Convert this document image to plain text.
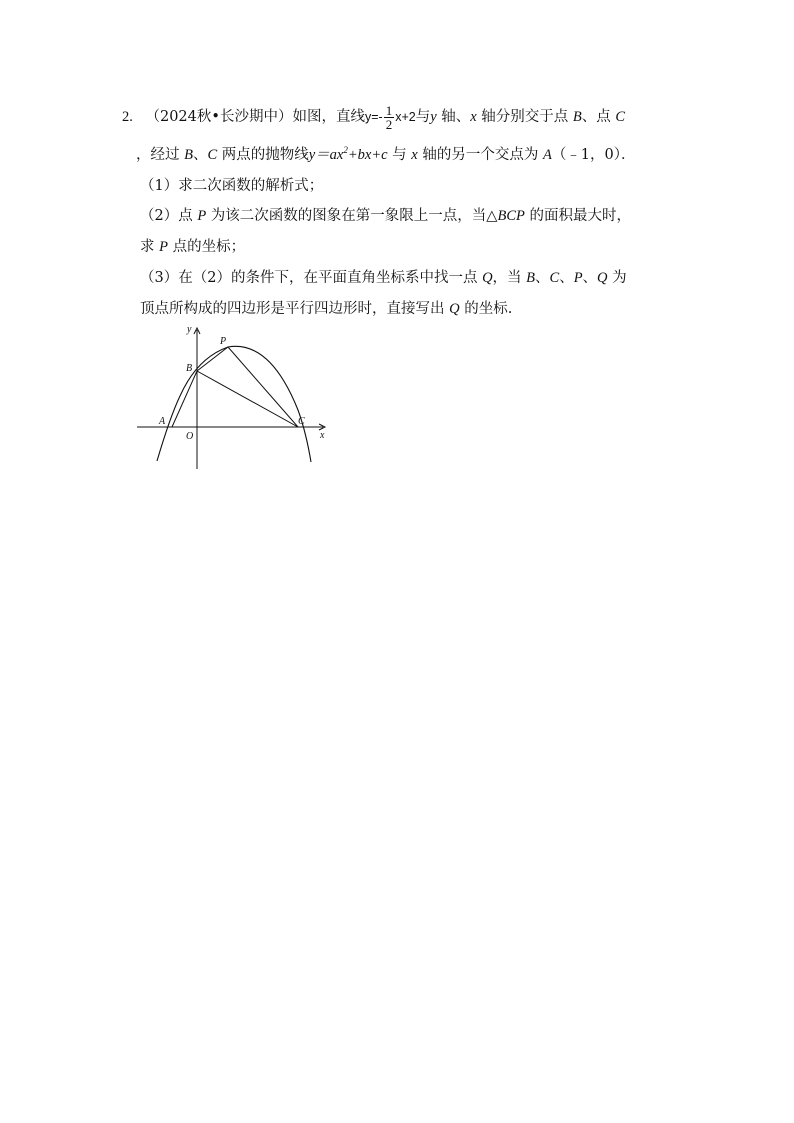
2. （2024秋•长沙期中）如图，直线$y=- \frac{1}{2} x+2$与y 轴、x 轴分别交于点 B、点 C
，经过 B、C 两点的抛物线$y=ax^2+bx+c$ 与 x 轴的另一个交点为 A（﹣1，0）．
（1）求二次函数的解析式；
（2）点 P 为该二次函数的图象在第一象限上一点，当△BCP 的面积最大时，
求 P 点的坐标；
（3）在（2）的条件下，在平面直角坐标系中找一点 Q，当 B、C、P、Q 为
顶点所构成的四边形是平行四边形时，直接写出 Q 的坐标.
y
x
O
A
B
C
P
